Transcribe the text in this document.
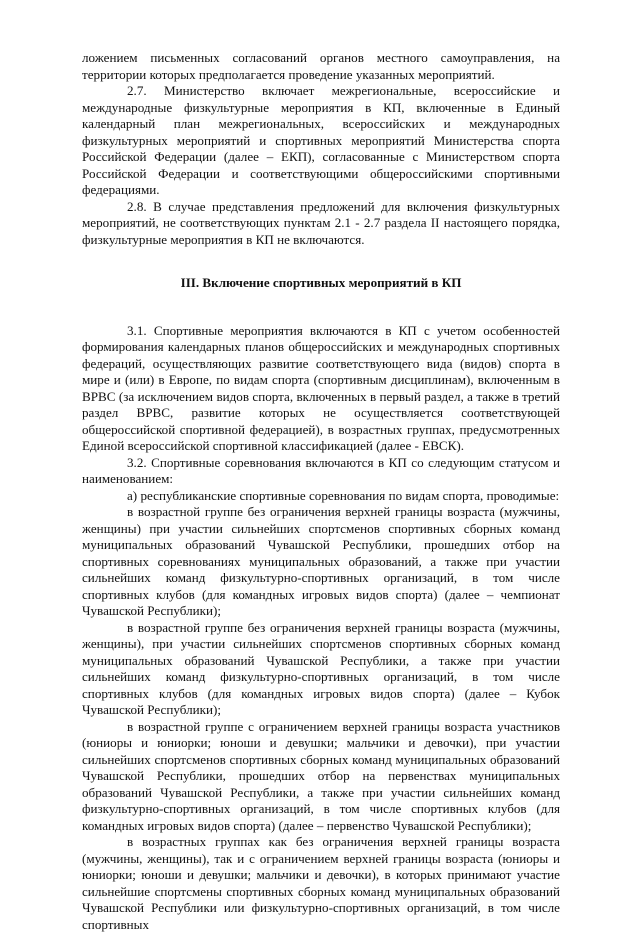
ложением письменных согласований органов местного самоуправления, на территории которых предполагается проведение указанных мероприятий.

2.7. Министерство включает межрегиональные, всероссийские и международные физкультурные мероприятия в КП, включенные в Единый календарный план межрегиональных, всероссийских и международных физкультурных мероприятий и спортивных мероприятий Министерства спорта Российской Федерации (далее – ЕКП), согласованные с Министерством спорта Российской Федерации и соответствующими общероссийскими спортивными федерациями.

2.8. В случае представления предложений для включения физкультурных мероприятий, не соответствующих пунктам 2.1 - 2.7 раздела II настоящего порядка, физкультурные мероприятия в КП не включаются.

III. Включение спортивных мероприятий в КП

3.1. Спортивные мероприятия включаются в КП с учетом особенностей формирования календарных планов общероссийских и международных спортивных федераций, осуществляющих развитие соответствующего вида (видов) спорта в мире и (или) в Европе, по видам спорта (спортивным дисциплинам), включенным в ВРВС (за исключением видов спорта, включенных в первый раздел, а также в третий раздел ВРВС, развитие которых не осуществляется соответствующей общероссийской спортивной федерацией), в возрастных группах, предусмотренных Единой всероссийской спортивной классификацией (далее - ЕВСК).

3.2. Спортивные соревнования включаются в КП со следующим статусом и наименованием:

а) республиканские спортивные соревнования по видам спорта, проводимые:

в возрастной группе без ограничения верхней границы возраста (мужчины, женщины) при участии сильнейших спортсменов спортивных сборных команд муниципальных образований Чувашской Республики, прошедших отбор на спортивных соревнованиях муниципальных образований, а также при участии сильнейших команд физкультурно-спортивных организаций, в том числе спортивных клубов (для командных игровых видов спорта) (далее – чемпионат Чувашской Республики);

в возрастной группе без ограничения верхней границы возраста (мужчины, женщины), при участии сильнейших спортсменов спортивных сборных команд муниципальных образований Чувашской Республики, а также при участии сильнейших команд физкультурно-спортивных организаций, в том числе спортивных клубов (для командных игровых видов спорта) (далее – Кубок Чувашской Республики);

в возрастной группе с ограничением верхней границы возраста участников (юниоры и юниорки; юноши и девушки; мальчики и девочки), при участии сильнейших спортсменов спортивных сборных команд муниципальных образований Чувашской Республики, прошедших отбор на первенствах муниципальных образований Чувашской Республики, а также при участии сильнейших команд физкультурно-спортивных организаций, в том числе спортивных клубов (для командных игровых видов спорта) (далее – первенство Чувашской Республики);

в возрастных группах как без ограничения верхней границы возраста (мужчины, женщины), так и с ограничением верхней границы возраста (юниоры и юниорки; юноши и девушки; мальчики и девочки), в которых принимают участие сильнейшие спортсмены спортивных сборных команд муниципальных образований Чувашской Республики или физкультурно-спортивных организаций, в том числе спортивных
